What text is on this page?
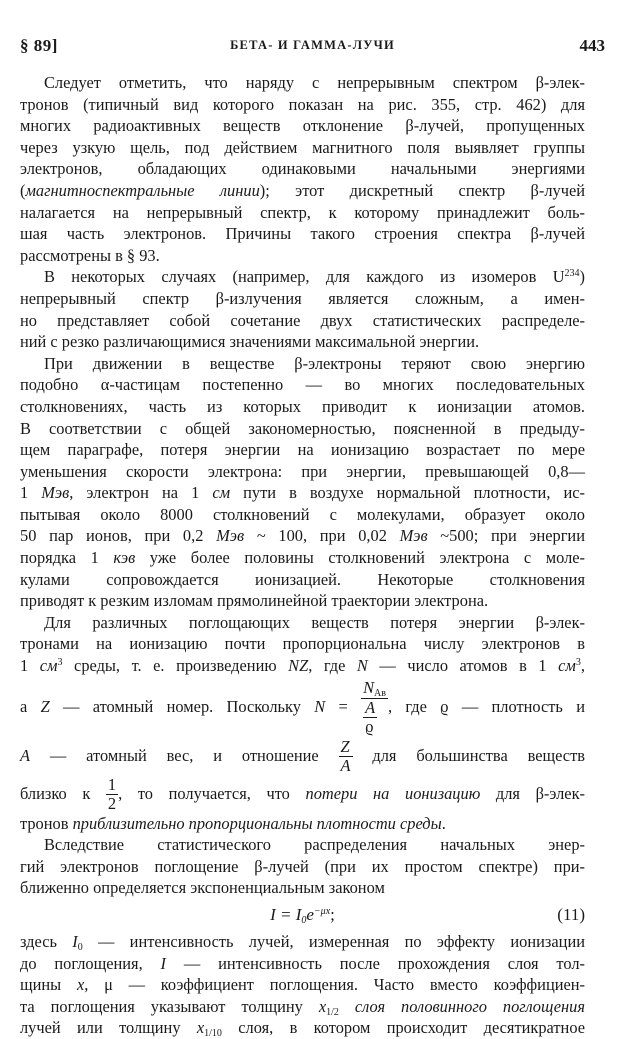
§ 89]	БЕТА- И ГАММА-ЛУЧИ	443
Следует отметить, что наряду с непрерывным спектром β-элек-
тронов (типичный вид которого показан на рис. 355, стр. 462) для
многих радиоактивных веществ отклонение β-лучей, пропущенных
через узкую щель, под действием магнитного поля выявляет группы
электронов, обладающих одинаковыми начальными энергиями
(магнитноспектральные линии); этот дискретный спектр β-лучей
налагается на непрерывный спектр, к которому принадлежит боль-
шая часть электронов. Причины такого строения спектра β-лучей
рассмотрены в § 93.
В некоторых случаях (например, для каждого из изомеров $U^{234}$)
непрерывный спектр β-излучения является сложным, а имен-
но представляет собой сочетание двух статистических распределе-
ний с резко различающимися значениями максимальной энергии.
При движении в веществе β-электроны теряют свою энергию
подобно α-частицам постепенно — во многих последовательных
столкновениях, часть из которых приводит к ионизации атомов.
В соответствии с общей закономерностью, поясненной в предыду-
щем параграфе, потеря энергии на ионизацию возрастает по мере
уменьшения скорости электрона: при энергии, превышающей 0,8—
1 Мэв, электрон на 1 см пути в воздухе нормальной плотности, ис-
пытывая около 8000 столкновений с молекулами, образует около
50 пар ионов, при 0,2 Мэв ~ 100, при 0,02 Мэв ~500; при энергии
порядка 1 кэв уже более половины столкновений электрона с моле-
кулами сопровождается ионизацией. Некоторые столкновения
приводят к резким изломам прямолинейной траектории электрона.
Для различных поглощающих веществ потеря энергии β-элек-
тронами на ионизацию почти пропорциональна числу электронов в
1 $см^3$ среды, т. е. произведению NZ, где N — число атомов в 1 $см^3$,
а Z — атомный номер. Поскольку $N = \frac{N_{Ав}}{\frac{A}{ϱ}}$ , где ϱ — плотность и
A — атомный вес, и отношение $\frac{Z}{A}$ для большинства веществ
близко к $\frac{1}{2}$ , то получается, что потери на ионизацию для β-элек-
тронов приблизительно пропорциональны плотности среды.
Вследствие статистического распределения начальных энер-
гий электронов поглощение β-лучей (при их простом спектре) при-
ближенно определяется экспоненциальным законом
$I = I_0e^{-\mu x}$;	(11)
здесь $I_0$ — интенсивность лучей, измеренная по эффекту ионизации
до поглощения, I — интенсивность после прохождения слоя тол-
щины x, μ — коэффициент поглощения. Часто вместо коэффициен-
та поглощения указывают толщину $x_{1/2}$ слоя половинного поглощения
лучей или толщину $x_{1/10}$ слоя, в котором происходит десятикратное
